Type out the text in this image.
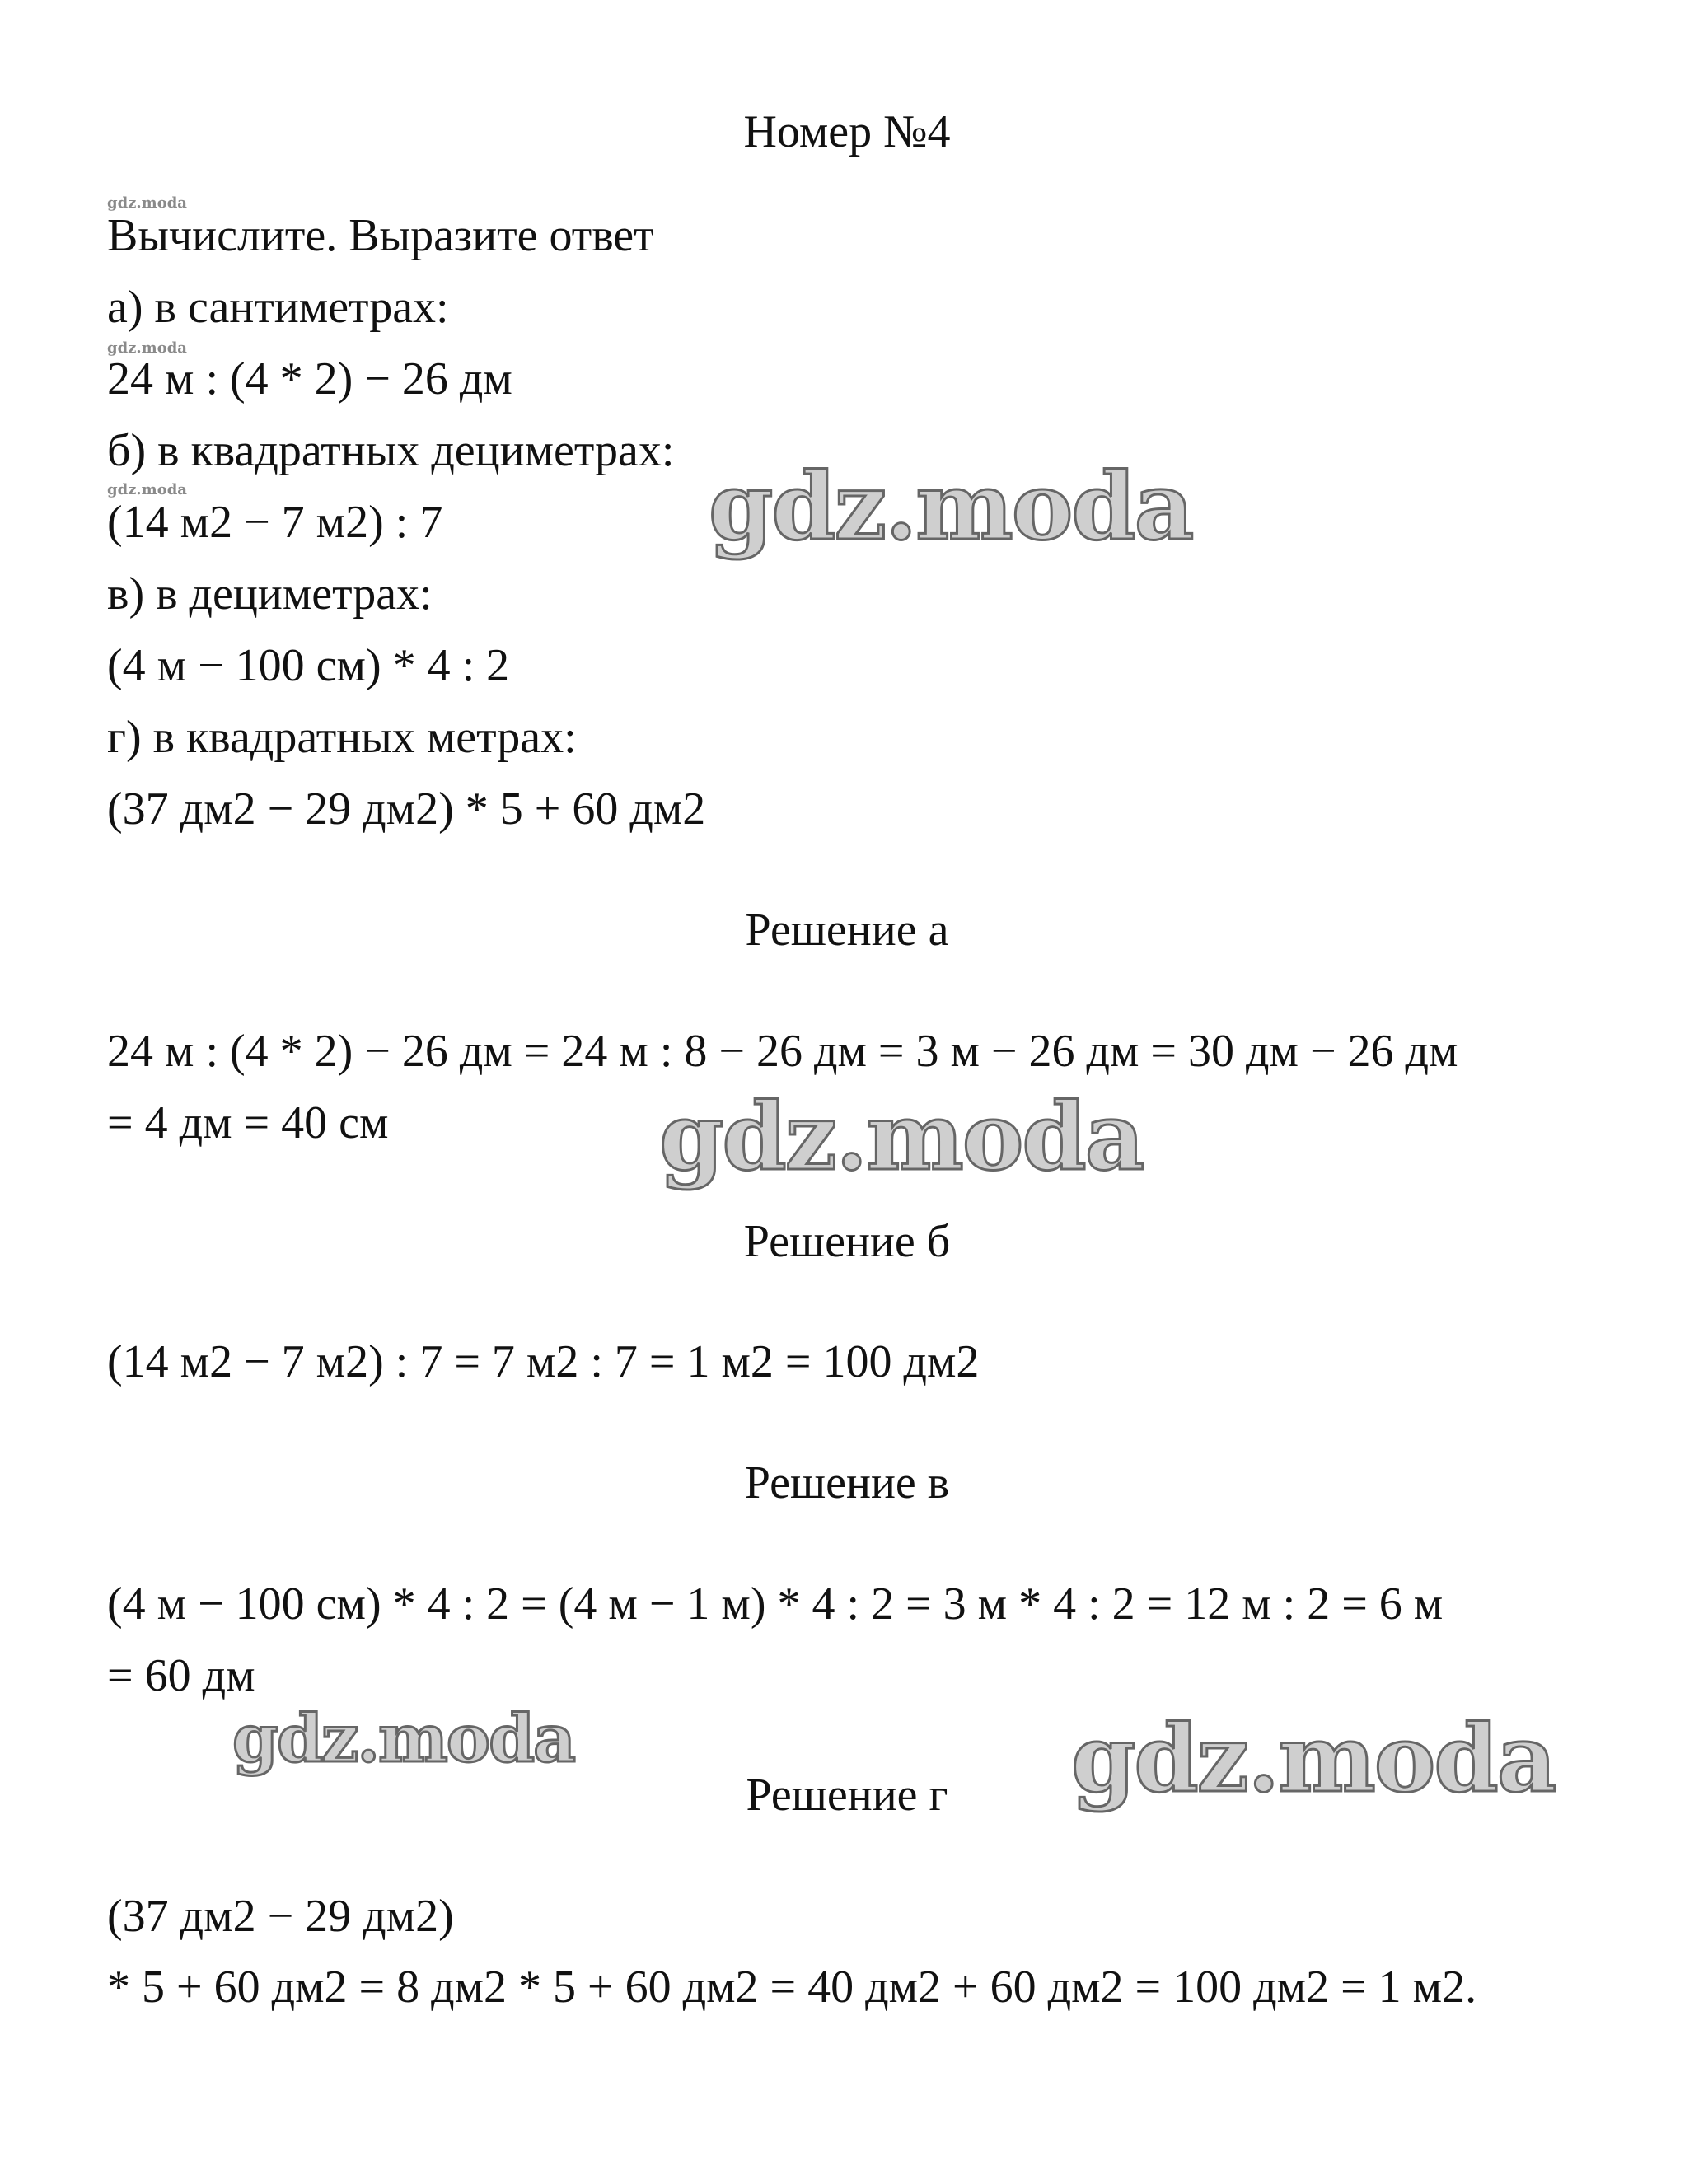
Номер №4
gdz.moda
gdz.moda
gdz.moda
Вычислите. Выразите ответ
а) в сантиметрах:
24 м : (4 * 2) − 26 дм
б) в квадратных дециметрах:
(14 м2 − 7 м2) : 7
в) в дециметрах:
(4 м − 100 см) * 4 : 2
г) в квадратных метрах:
(37 дм2 − 29 дм2) * 5 + 60 дм2
Решение а
24 м : (4 * 2) − 26 дм = 24 м : 8 − 26 дм = 3 м − 26 дм = 30 дм − 26 дм
= 4 дм = 40 см
Решение б
(14 м2 − 7 м2) : 7 = 7 м2 : 7 = 1 м2 = 100 дм2
Решение в
(4 м − 100 см) * 4 : 2 = (4 м − 1 м) * 4 : 2 = 3 м * 4 : 2 = 12 м : 2 = 6 м
= 60 дм
Решение г
(37 дм2 − 29 дм2)
* 5 + 60 дм2 = 8 дм2 * 5 + 60 дм2 = 40 дм2 + 60 дм2 = 100 дм2 = 1 м2.
gdz.moda
gdz.moda
gdz.moda	gdz.moda
